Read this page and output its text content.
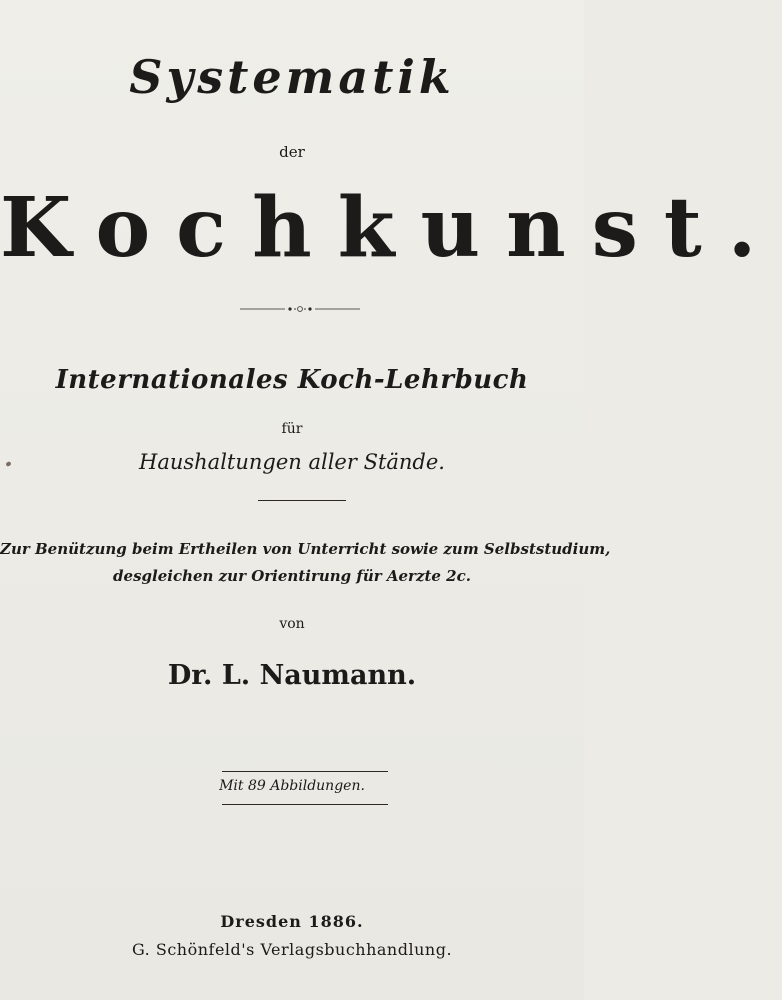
Systematik
der
Kochkunst.
Internationales Koch-Lehrbuch
für
Haushaltungen aller Stände.
Zur Benützung beim Ertheilen von Unterricht sowie zum Selbststudium,
desgleichen zur Orientirung für Aerzte 2c.
von
Dr. L. Naumann.
Mit 89 Abbildungen.
Dresden 1886.
G. Schönfeld's Verlagsbuchhandlung.
